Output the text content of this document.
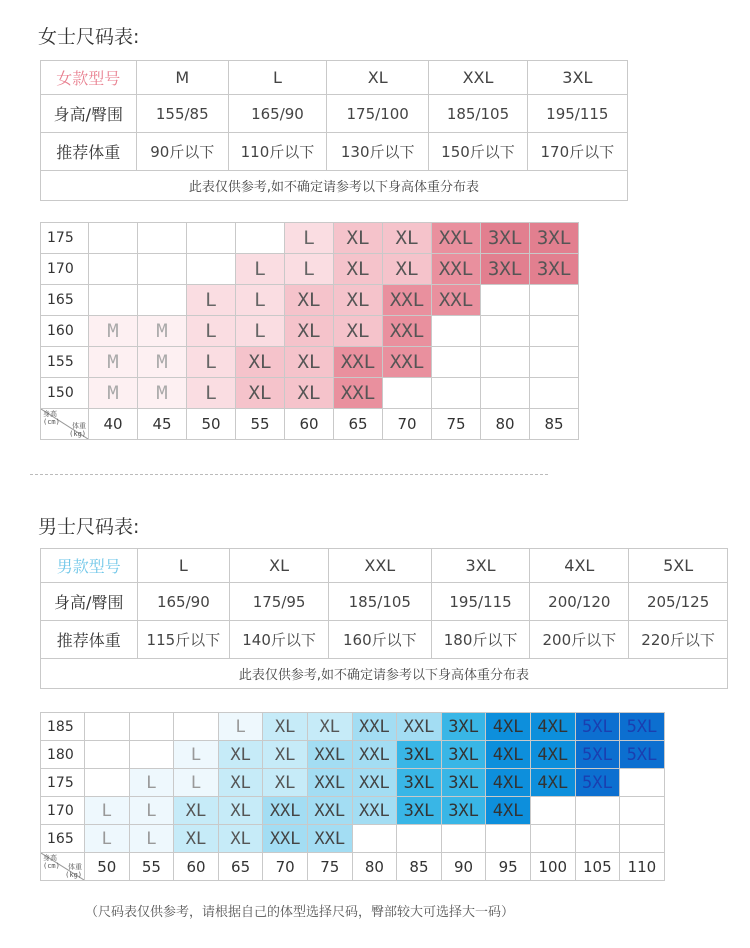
女士尺码表:
女款型号	M	L	XL	XXL	3XL
身高/臀围	155/85	165/90	175/100	185/105	195/115
推荐体重	90斤以下	110斤以下	130斤以下	150斤以下	170斤以下
此表仅供参考,如不确定请参考以下身高体重分布表					
175					L	XL	XL	XXL	3XL	3XL
170				L	L	XL	XL	XXL	3XL	3XL
165			L	L	XL	XL	XXL	XXL		
160	M	M	L	L	XL	XL	XXL			
155	M	M	L	XL	XL	XXL	XXL			
150	M	M	L	XL	XL	XXL				

身高
(cm) 体重
(kg)	40	45	50	55	60	65	70	75	80	85
男士尺码表:
男款型号	L	XL	XXL	3XL	4XL	5XL
身高/臀围	165/90	175/95	185/105	195/115	200/120	205/125
推荐体重	115斤以下	140斤以下	160斤以下	180斤以下	200斤以下	220斤以下
此表仅供参考,如不确定请参考以下身高体重分布表						
185				L	XL	XL	XXL	XXL	3XL	4XL	4XL	5XL	5XL
180			L	XL	XL	XXL	XXL	3XL	3XL	4XL	4XL	5XL	5XL
175		L	L	XL	XL	XXL	XXL	3XL	3XL	4XL	4XL	5XL	
170	L	L	XL	XL	XXL	XXL	XXL	3XL	3XL	4XL			
165	L	L	XL	XL	XXL	XXL							

身高
(cm) 体重
(kg)	50	55	60	65	70	75	80	85	90	95	100	105	110
（尺码表仅供参考，请根据自己的体型选择尺码，臀部较大可选择大一码）
